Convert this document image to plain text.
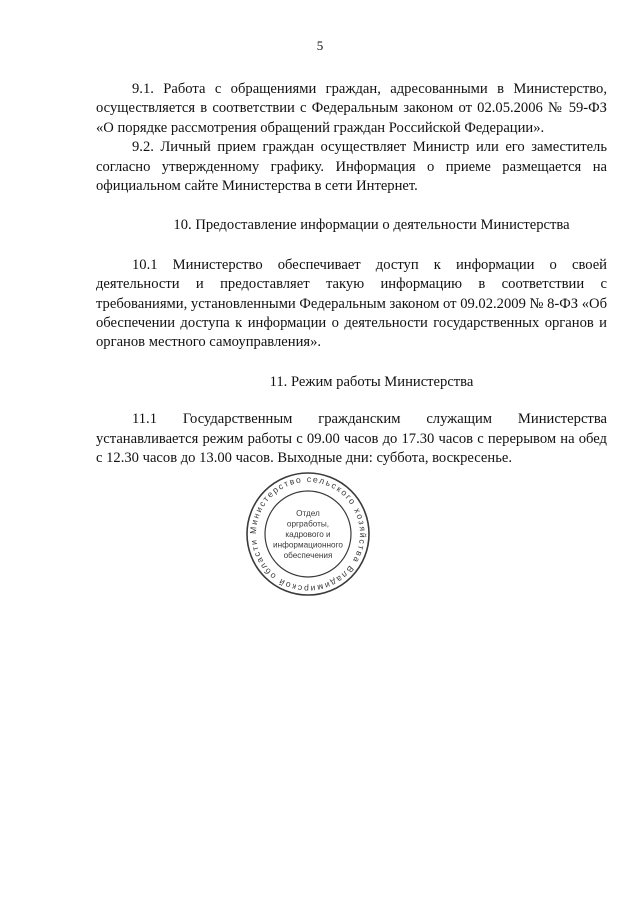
5

9.1. Работа с обращениями граждан, адресованными в Министерство, осуществляется в соответствии с Федеральным законом от 02.05.2006 № 59-ФЗ «О порядке рассмотрения обращений граждан Российской Федерации».

9.2. Личный прием граждан осуществляет Министр или его заместитель согласно утвержденному графику. Информация о приеме размещается на официальном сайте Министерства в сети Интернет.

10. Предоставление информации о деятельности Министерства

10.1 Министерство обеспечивает доступ к информации о своей деятельности и предоставляет такую информацию в соответствии с требованиями, установленными Федеральным законом от 09.02.2009 № 8-ФЗ «Об обеспечении доступа к информации о деятельности государственных органов и органов местного самоуправления».

11. Режим работы Министерства

11.1 Государственным гражданским служащим Министерства устанавливается режим работы с 09.00 часов до 17.30 часов с перерывом на обед с 12.30 часов до 13.00 часов. Выходные дни: суббота, воскресенье.

Министерство сельского хозяйства Владимирской области
Отдел
оргработы,
кадрового и
информационного
обеспечения
